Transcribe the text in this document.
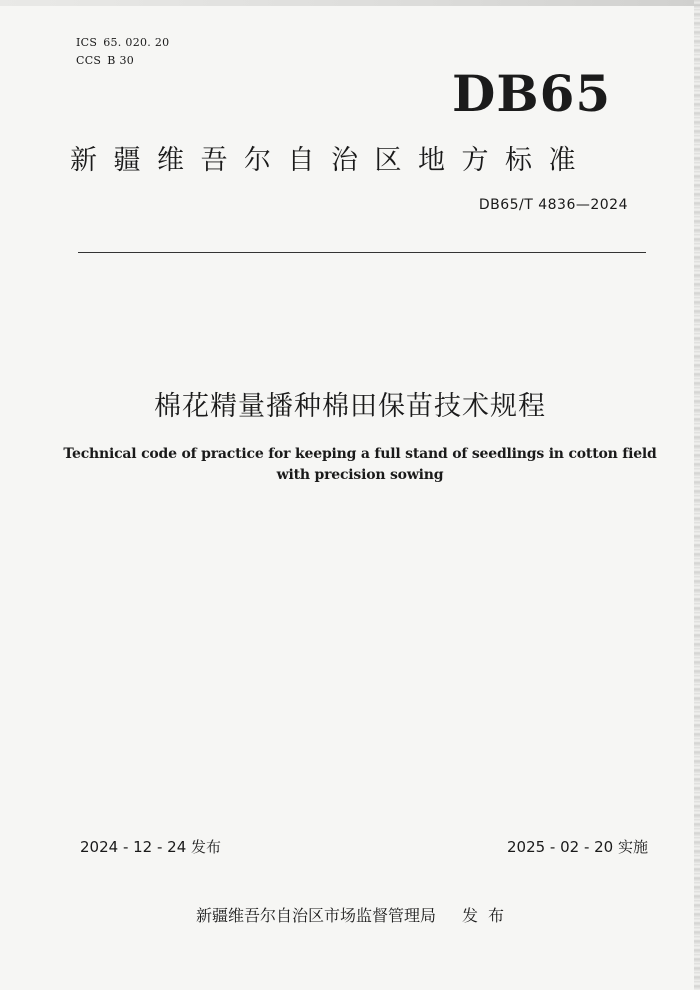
ICS 65. 020. 20
CCS B 30
DB65
新疆维吾尔自治区地方标准
DB65/T 4836—2024
棉花精量播种棉田保苗技术规程
Technical code of practice for keeping a full stand of seedlings in cotton field
with precision sowing
2024 - 12 - 24 发布	2025 - 02 - 20 实施
新疆维吾尔自治区市场监督管理局 发布
